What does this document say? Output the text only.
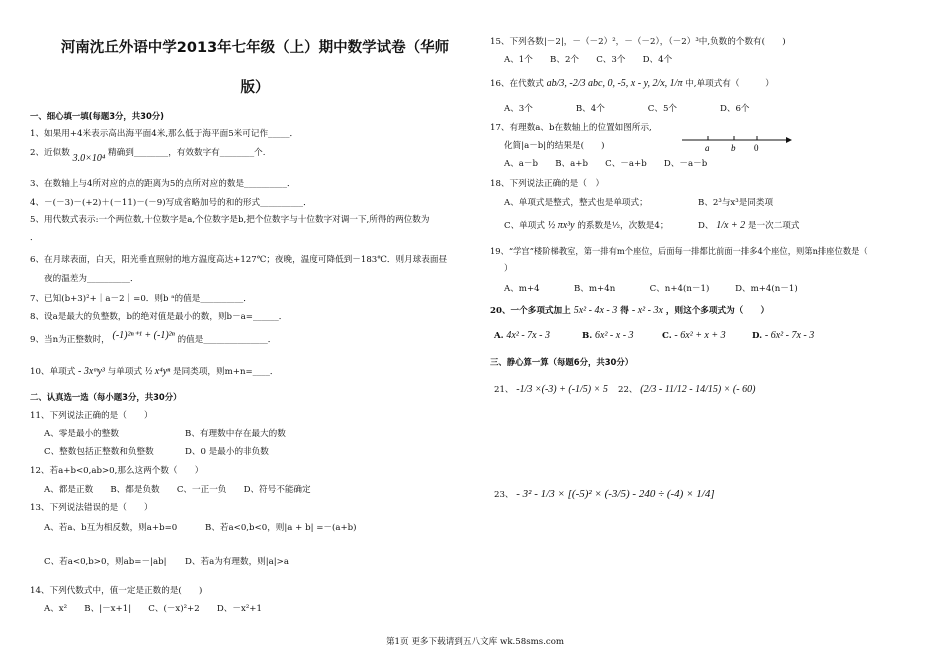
河南沈丘外语中学2013年七年级（上）期中数学试卷（华师
版）
一、细心填一填(每题3分，共30分)
1、如果用+4米表示高出海平面4米,那么低于海平面5米可记作_____．
2、近似数 3.0×10⁴ 精确到________，有效数字有________个.
3、在数轴上与4所对应的点的距离为5的点所对应的数是__________．
4、－(－3)－(+2)＋(－11)－(－9)写成省略加号的和的形式__________．
5、用代数式表示:一个两位数,十位数字是a,个位数字是b,把个位数字与十位数字对调一下,所得的两位数为
．
6、在月球表面，白天，阳光垂直照射的地方温度高达+127℃；夜晚，温度可降低到－183℃．则月球表面昼
夜的温差为__________．
7、已知(b+3)²+｜a－2｜=0．则b ᵃ的值是__________．
8、设a是最大的负整数，b的绝对值是最小的数，则b－a=______．
9、当n为正整数时， (-1)²ⁿ⁺¹ + (-1)²ⁿ 的值是_______________．
10、单项式 - 3xᵐy³ 与单项式 ½ x⁴yⁿ 是同类项，则m+n=____．
二、认真选一选（每小题3分，共30分）
11、下列说法正确的是（　　）
A、零是最小的整数	B、有理数中存在最大的数
C、整数包括正整数和负整数	D、0 是最小的非负数
12、若a+b<0,ab>0,那么这两个数（　　）
A、都是正数　　B、都是负数　　C、一正一负　　D、符号不能确定
13、下列说法错误的是（　　）
A、若a、b互为相反数，则a+b=0	B、若a<0,b<0，则|a + b| =－(a+b)
C、若a<0,b>0，则ab=－|ab| D、若a为有理数，则|a|>a
14、下列代数式中，值一定是正数的是(　　)
A、x²　　B、|－x+1|　　C、(－x)²+2　　D、－x²+1
15、下列各数|－2|，－（－2）²，－（－2），（－2）³中,负数的个数有(　　)
A、1个　　B、2个　　C、3个　　D、4个
16、在代数式 ab/3, -2/3 abc, 0, -5, x - y, 2/x, 1/π 中,单项式有（　　　）
A、3个　　　　　B、4个　　　　　C、5个　　　　　D、6个
17、有理数a、b在数轴上的位置如图所示,
化简|a－b|的结果是(　　)	a b 0
A、a－b　　B、a+b　　C、－a+b　　D、－a－b
18、下列说法正确的是（　）
A、单项式是整式，整式也是单项式；	B、2³与x³是同类项
C、单项式 ½ πx³y 的系数是½，次数是4；	D、 1/x + 2 是一次二项式
19、“学宫”楼阶梯教室，第一排有m个座位，后面每一排都比前面一排多4个座位，则第n排座位数是（
）
A、m+4　　　　B、m+4n　　　　C、n+4(n－1)　　　D、m+4(n－1)
20、一个多项式加上 5x² - 4x - 3 得 - x² - 3x ，则这个多项式为（　　）
A. 4x² - 7x - 3	B. 6x² - x - 3	C. - 6x² + x + 3	D. - 6x² - 7x - 3
三、静心算一算（每题6分，共30分）
21、 -1/3 ×(-3) + (-1/5) × 5 22、 (2/3 - 11/12 - 14/15) × (- 60)
23、 - 3² - 1/3 × [(-5)² × (-3/5) - 240 ÷ (-4) × 1/4]
第1页 更多下载请到五八文库 wk.58sms.com
